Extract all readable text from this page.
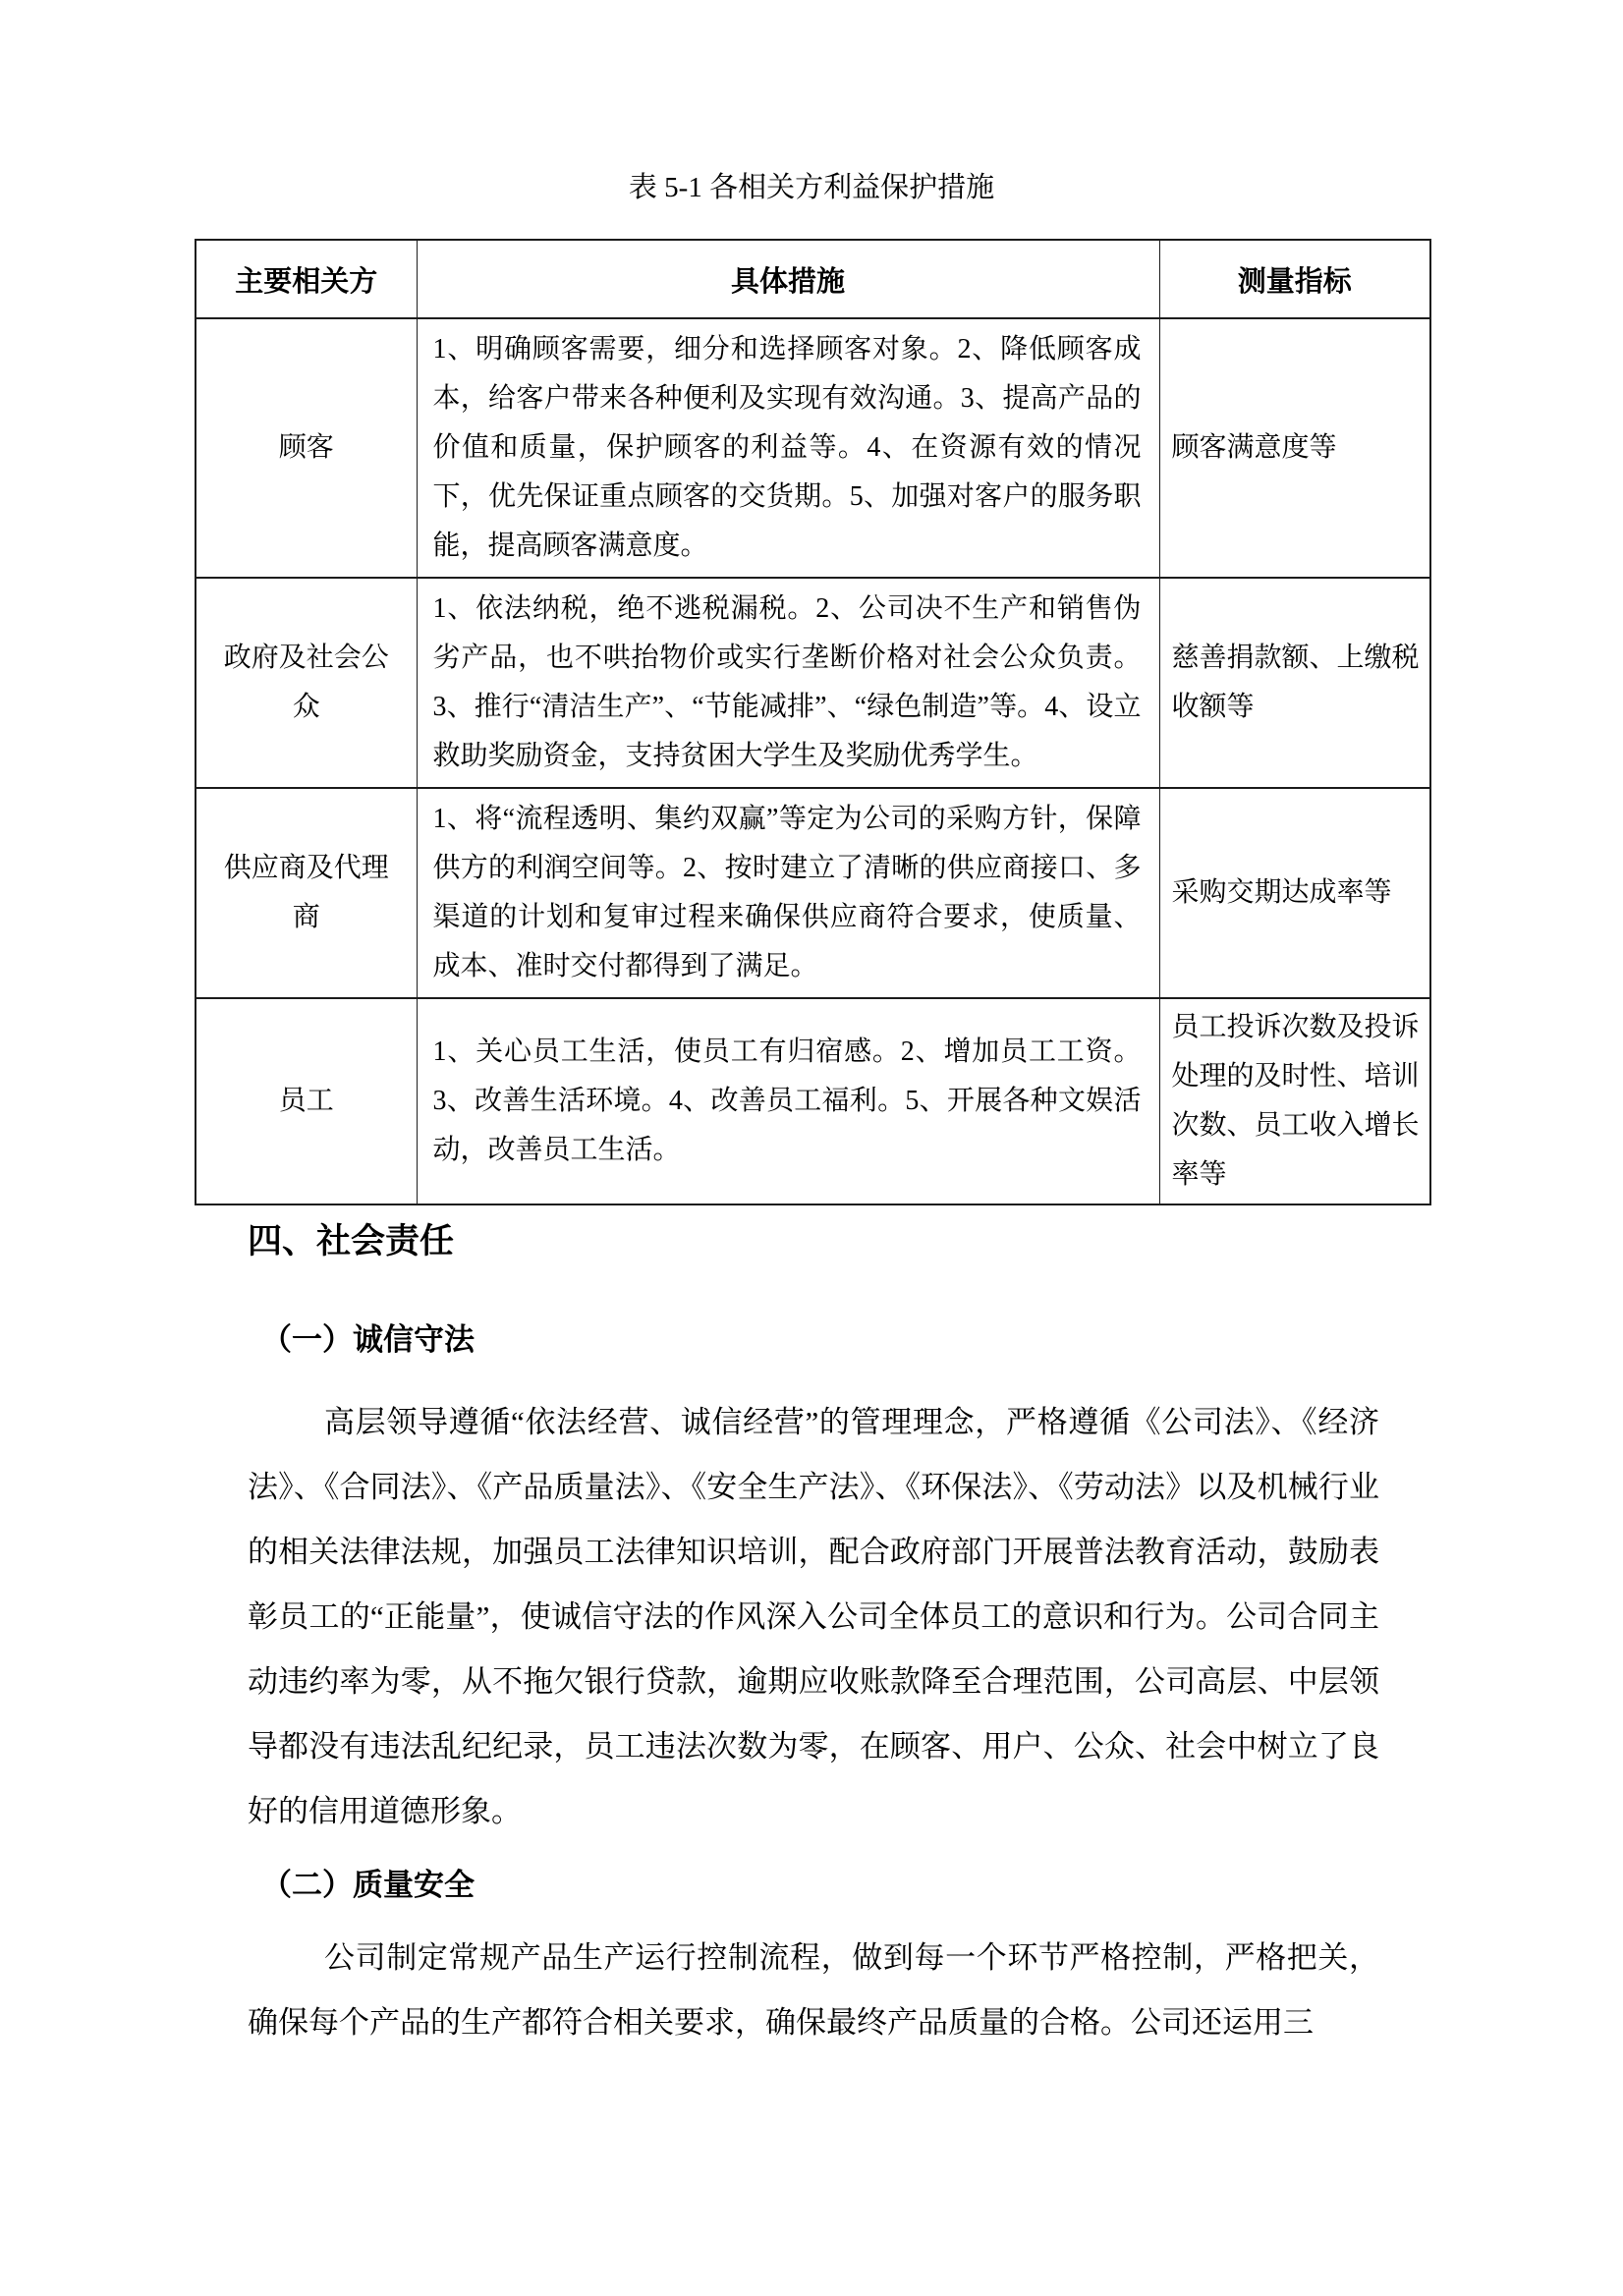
表 5-1 各相关方利益保护措施
主要相关方	具体措施	测量指标
顾客	1、明确顾客需要，细分和选择顾客对象。2、降低顾客成本，给客户带来各种便利及实现有效沟通。3、提高产品的价值和质量，保护顾客的利益等。4、在资源有效的情况下，优先保证重点顾客的交货期。5、加强对客户的服务职能，提高顾客满意度。	顾客满意度等
政府及社会公众	1、依法纳税，绝不逃税漏税。2、公司决不生产和销售伪劣产品，也不哄抬物价或实行垄断价格对社会公众负责。3、推行“清洁生产”、“节能减排”、“绿色制造”等。4、设立救助奖励资金，支持贫困大学生及奖励优秀学生。	慈善捐款额、上缴税收额等
供应商及代理商	1、将“流程透明、集约双赢”等定为公司的采购方针，保障供方的利润空间等。2、按时建立了清晰的供应商接口、多渠道的计划和复审过程来确保供应商符合要求，使质量、成本、准时交付都得到了满足。	采购交期达成率等
员工	1、关心员工生活，使员工有归宿感。2、增加员工工资。3、改善生活环境。4、改善员工福利。5、开展各种文娱活动，改善员工生活。	员工投诉次数及投诉处理的及时性、培训次数、员工收入增长率等
四、社会责任
（一）诚信守法

高层领导遵循“依法经营、诚信经营”的管理理念，严格遵循《公司法》、《经济法》、《合同法》、《产品质量法》、《安全生产法》、《环保法》、《劳动法》以及机械行业的相关法律法规，加强员工法律知识培训，配合政府部门开展普法教育活动，鼓励表彰员工的“正能量”，使诚信守法的作风深入公司全体员工的意识和行为。公司合同主动违约率为零，从不拖欠银行贷款，逾期应收账款降至合理范围，公司高层、中层领导都没有违法乱纪纪录，员工违法次数为零，在顾客、用户、公众、社会中树立了良好的信用道德形象。

（二）质量安全

公司制定常规产品生产运行控制流程，做到每一个环节严格控制，严格把关，确保每个产品的生产都符合相关要求，确保最终产品质量的合格。公司还运用三
